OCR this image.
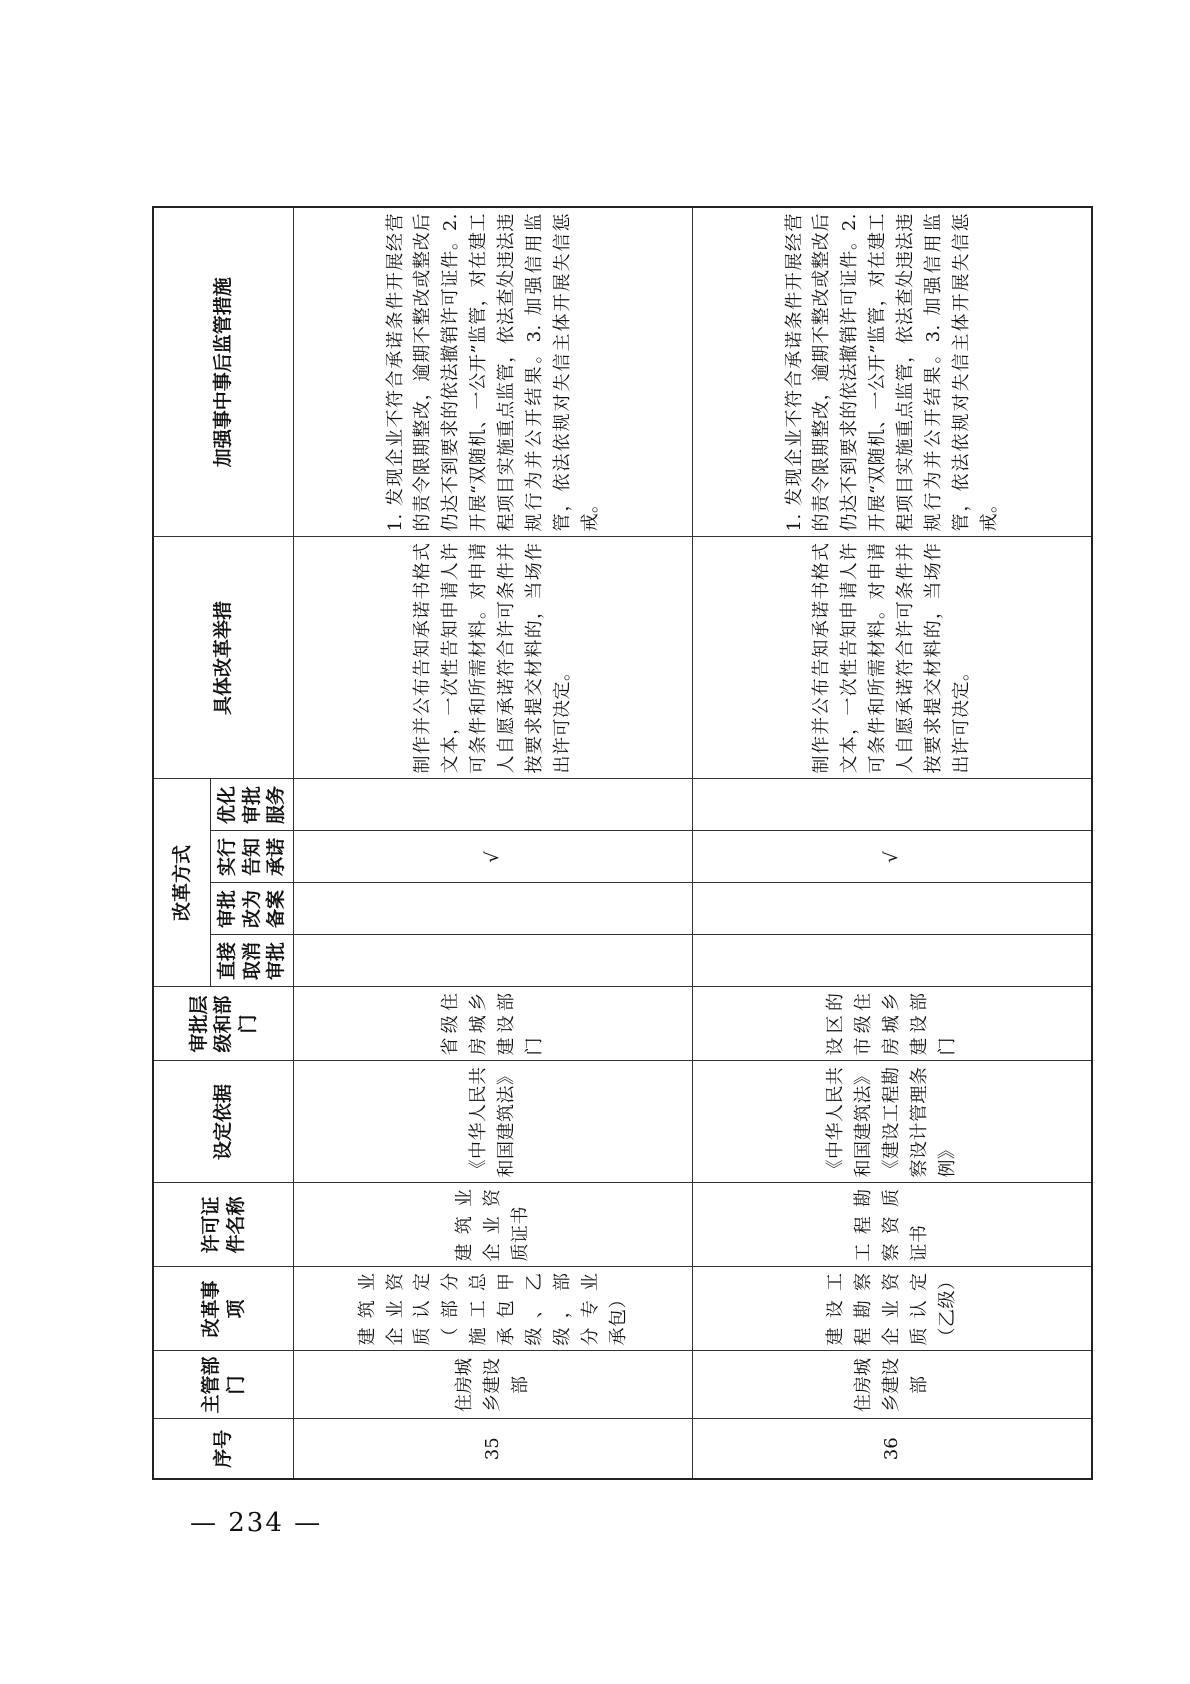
序号	主管部门	改革事项	许可证件名称	设定依据	审批层级和部门	改革方式				具体改革举措	加强事中事后监管措施
						直接取消审批	审批改为备案	实行告知承诺	优化审批服务		
35	住房城乡建设部	建筑业企业资质认定（部分施工总承包甲级、乙级，部分专业承包）	建筑业企业资质证书	《中华人民共和国建筑法》	省级住房城乡建设部门			√		制作并公布告知承诺书格式文本，一次性告知申请人许可条件和所需材料。对申请人自愿承诺符合许可条件并按要求提交材料的，当场作出许可决定。	1. 发现企业不符合承诺条件开展经营的责令限期整改，逾期不整改或整改后仍达不到要求的依法撤销许可证件。2. 开展“双随机、一公开”监管，对在建工程项目实施重点监管，依法查处违法违规行为并公开结果。3. 加强信用监管，依法依规对失信主体开展失信惩戒。
36	住房城乡建设部	建设工程勘察企业资质认定（乙级）	工程勘察资质证书	《中华人民共和国建筑法》《建设工程勘察设计管理条例》	设区的市级住房城乡建设部门			√		制作并公布告知承诺书格式文本，一次性告知申请人许可条件和所需材料。对申请人自愿承诺符合许可条件并按要求提交材料的，当场作出许可决定。	1. 发现企业不符合承诺条件开展经营的责令限期整改，逾期不整改或整改后仍达不到要求的依法撤销许可证件。2. 开展“双随机、一公开”监管，对在建工程项目实施重点监管，依法查处违法违规行为并公开结果。3. 加强信用监管，依法依规对失信主体开展失信惩戒。
— 234 —
